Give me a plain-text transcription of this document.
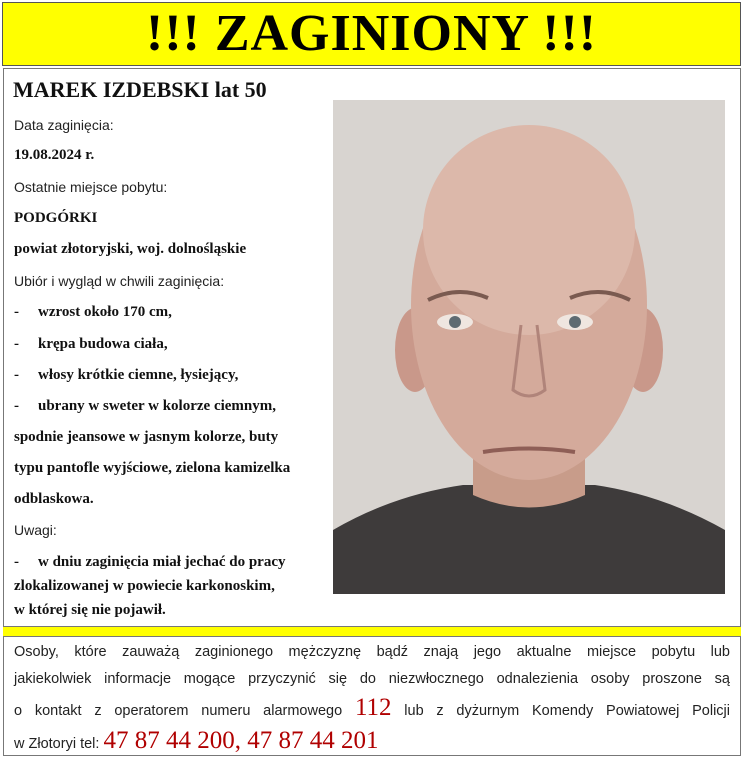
!!! ZAGINIONY !!!
MAREK IZDEBSKI lat 50
Data zaginięcia:
19.08.2024 r.
Ostatnie miejsce pobytu:
PODGÓRKI
powiat złotoryjski, woj. dolnośląskie
Ubiór i wygląd w chwili zaginięcia:
- wzrost około 170 cm,
- krępa budowa ciała,
- włosy krótkie ciemne, łysiejący,
- ubrany w sweter w kolorze ciemnym,
spodnie jeansowe w jasnym kolorze, buty
typu pantofle wyjściowe, zielona kamizelka
odblaskowa.
Uwagi:
- w dniu zaginięcia miał jechać do pracy
zlokalizowanej w powiecie karkonoskim,
w której się nie pojawił.
Osoby, które zauważą zaginionego mężczyznę bądź znają jego aktualne miejsce pobytu lub
jakiekolwiek informacje mogące przyczynić się do niezwłocznego odnalezienia osoby proszone są
o kontakt z operatorem numeru alarmowego 112 lub z dyżurnym Komendy Powiatowej Policji
w Złotoryi tel: 47 87 44 200, 47 87 44 201
